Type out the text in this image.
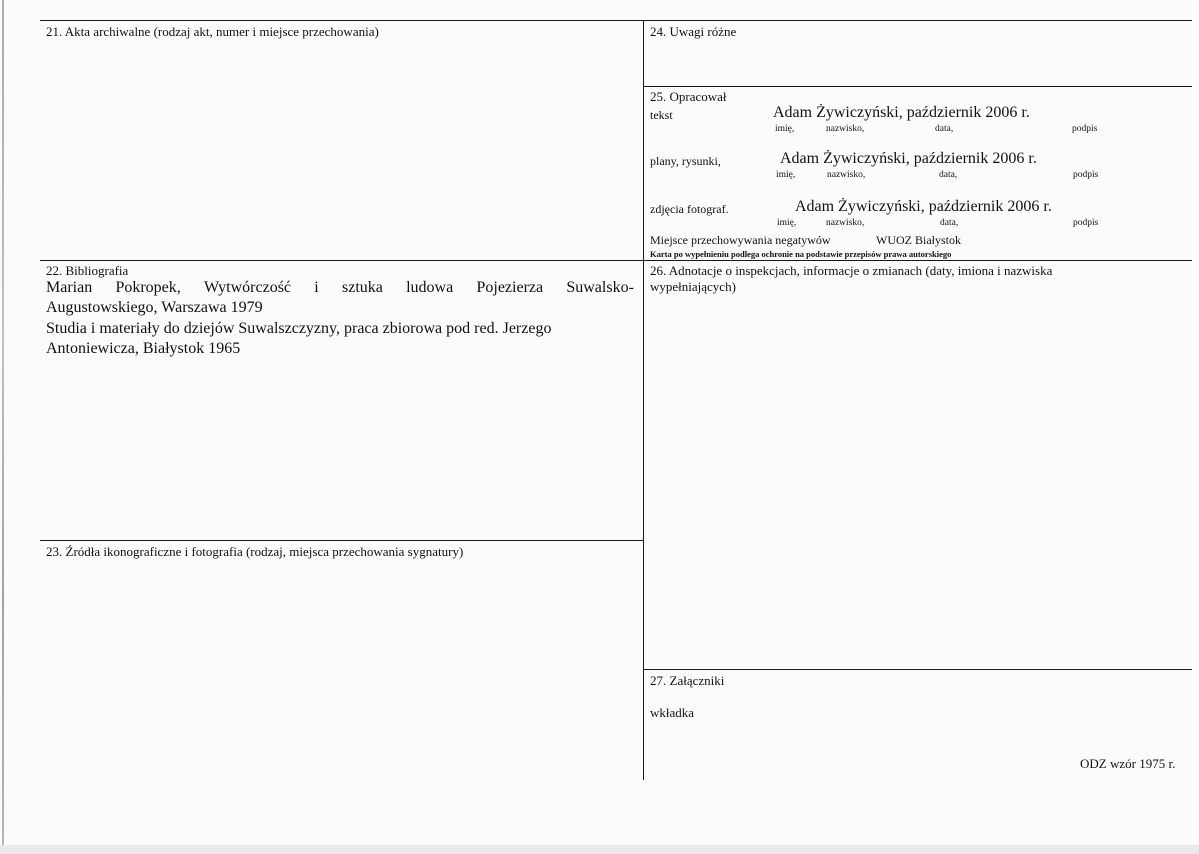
21. Akta archiwalne (rodzaj akt, numer i miejsce przechowania)	24. Uwagi różne
25. Opracował
tekst	Adam Żywiczyński, październik 2006 r.
imię,	nazwisko,	data,	podpis
plany, rysunki,	Adam Żywiczyński, październik 2006 r.
imię,	nazwisko,	data,	podpis
zdjęcia fotograf.	Adam Żywiczyński, październik 2006 r.
imię,	nazwisko,	data,	podpis
Miejsce przechowywania negatywów	WUOZ Białystok
Karta po wypełnieniu podlega ochronie na podstawie przepisów prawa autorskiego
22. Bibliografia
Marian Pokropek, Wytwórczość i sztuka ludowa Pojezierza Suwalsko-
Augustowskiego, Warszawa 1979
Studia i materiały do dziejów Suwalszczyzny, praca zbiorowa pod red. Jerzego
Antoniewicza, Białystok 1965
26. Adnotacje o inspekcjach, informacje o zmianach (daty, imiona i nazwiska
wypełniających)
23. Źródła ikonograficzne i fotografia (rodzaj, miejsca przechowania sygnatury)
27. Załączniki
wkładka
ODZ wzór 1975 r.
